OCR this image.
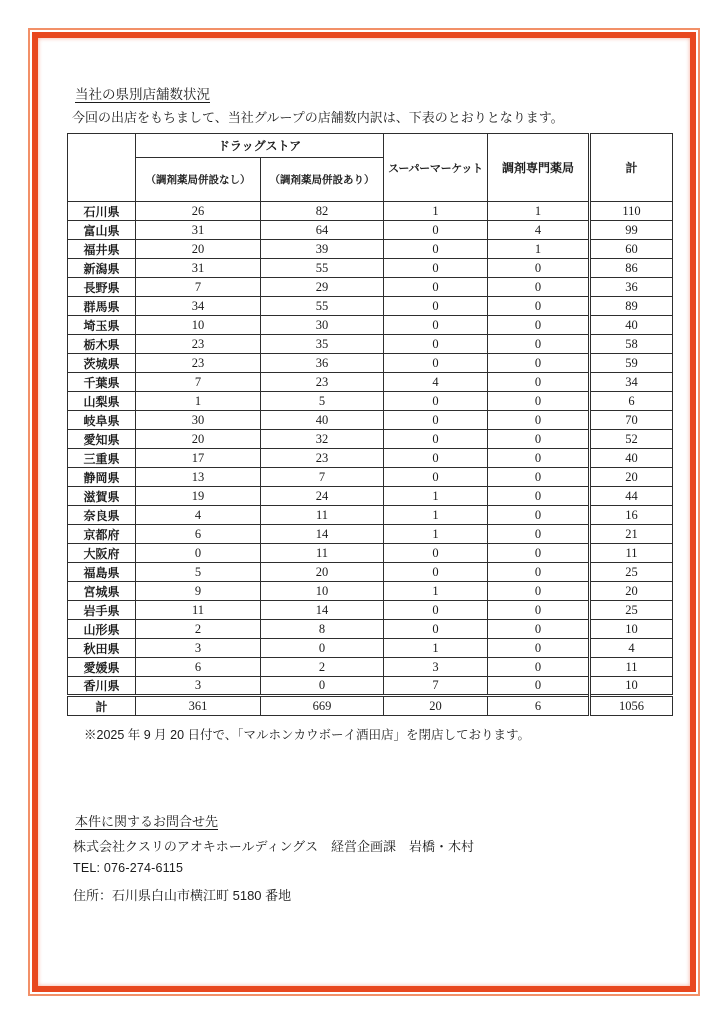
当社の県別店舗数状況
今回の出店をもちまして、当社グループの店舗数内訳は、下表のとおりとなります。
	ドラッグストア		スーパーマーケット	調剤専門薬局	計
	（調剤薬局併設なし）	（調剤薬局併設あり）			
石川県	26	82	1	1	110
富山県	31	64	0	4	99
福井県	20	39	0	1	60
新潟県	31	55	0	0	86
長野県	7	29	0	0	36
群馬県	34	55	0	0	89
埼玉県	10	30	0	0	40
栃木県	23	35	0	0	58
茨城県	23	36	0	0	59
千葉県	7	23	4	0	34
山梨県	1	5	0	0	6
岐阜県	30	40	0	0	70
愛知県	20	32	0	0	52
三重県	17	23	0	0	40
静岡県	13	7	0	0	20
滋賀県	19	24	1	0	44
奈良県	4	11	1	0	16
京都府	6	14	1	0	21
大阪府	0	11	0	0	11
福島県	5	20	0	0	25
宮城県	9	10	1	0	20
岩手県	11	14	0	0	25
山形県	2	8	0	0	10
秋田県	3	0	1	0	4
愛媛県	6	2	3	0	11
香川県	3	0	7	0	10
計	361	669	20	6	1056
※2025 年 9 月 20 日付で、「マルホンカウボーイ酒田店」を閉店しております。
本件に関するお問合せ先
株式会社クスリのアオキホールディングス　経営企画課　岩橋・木村
TEL: 076-274-6115
住所：石川県白山市横江町 5180 番地
